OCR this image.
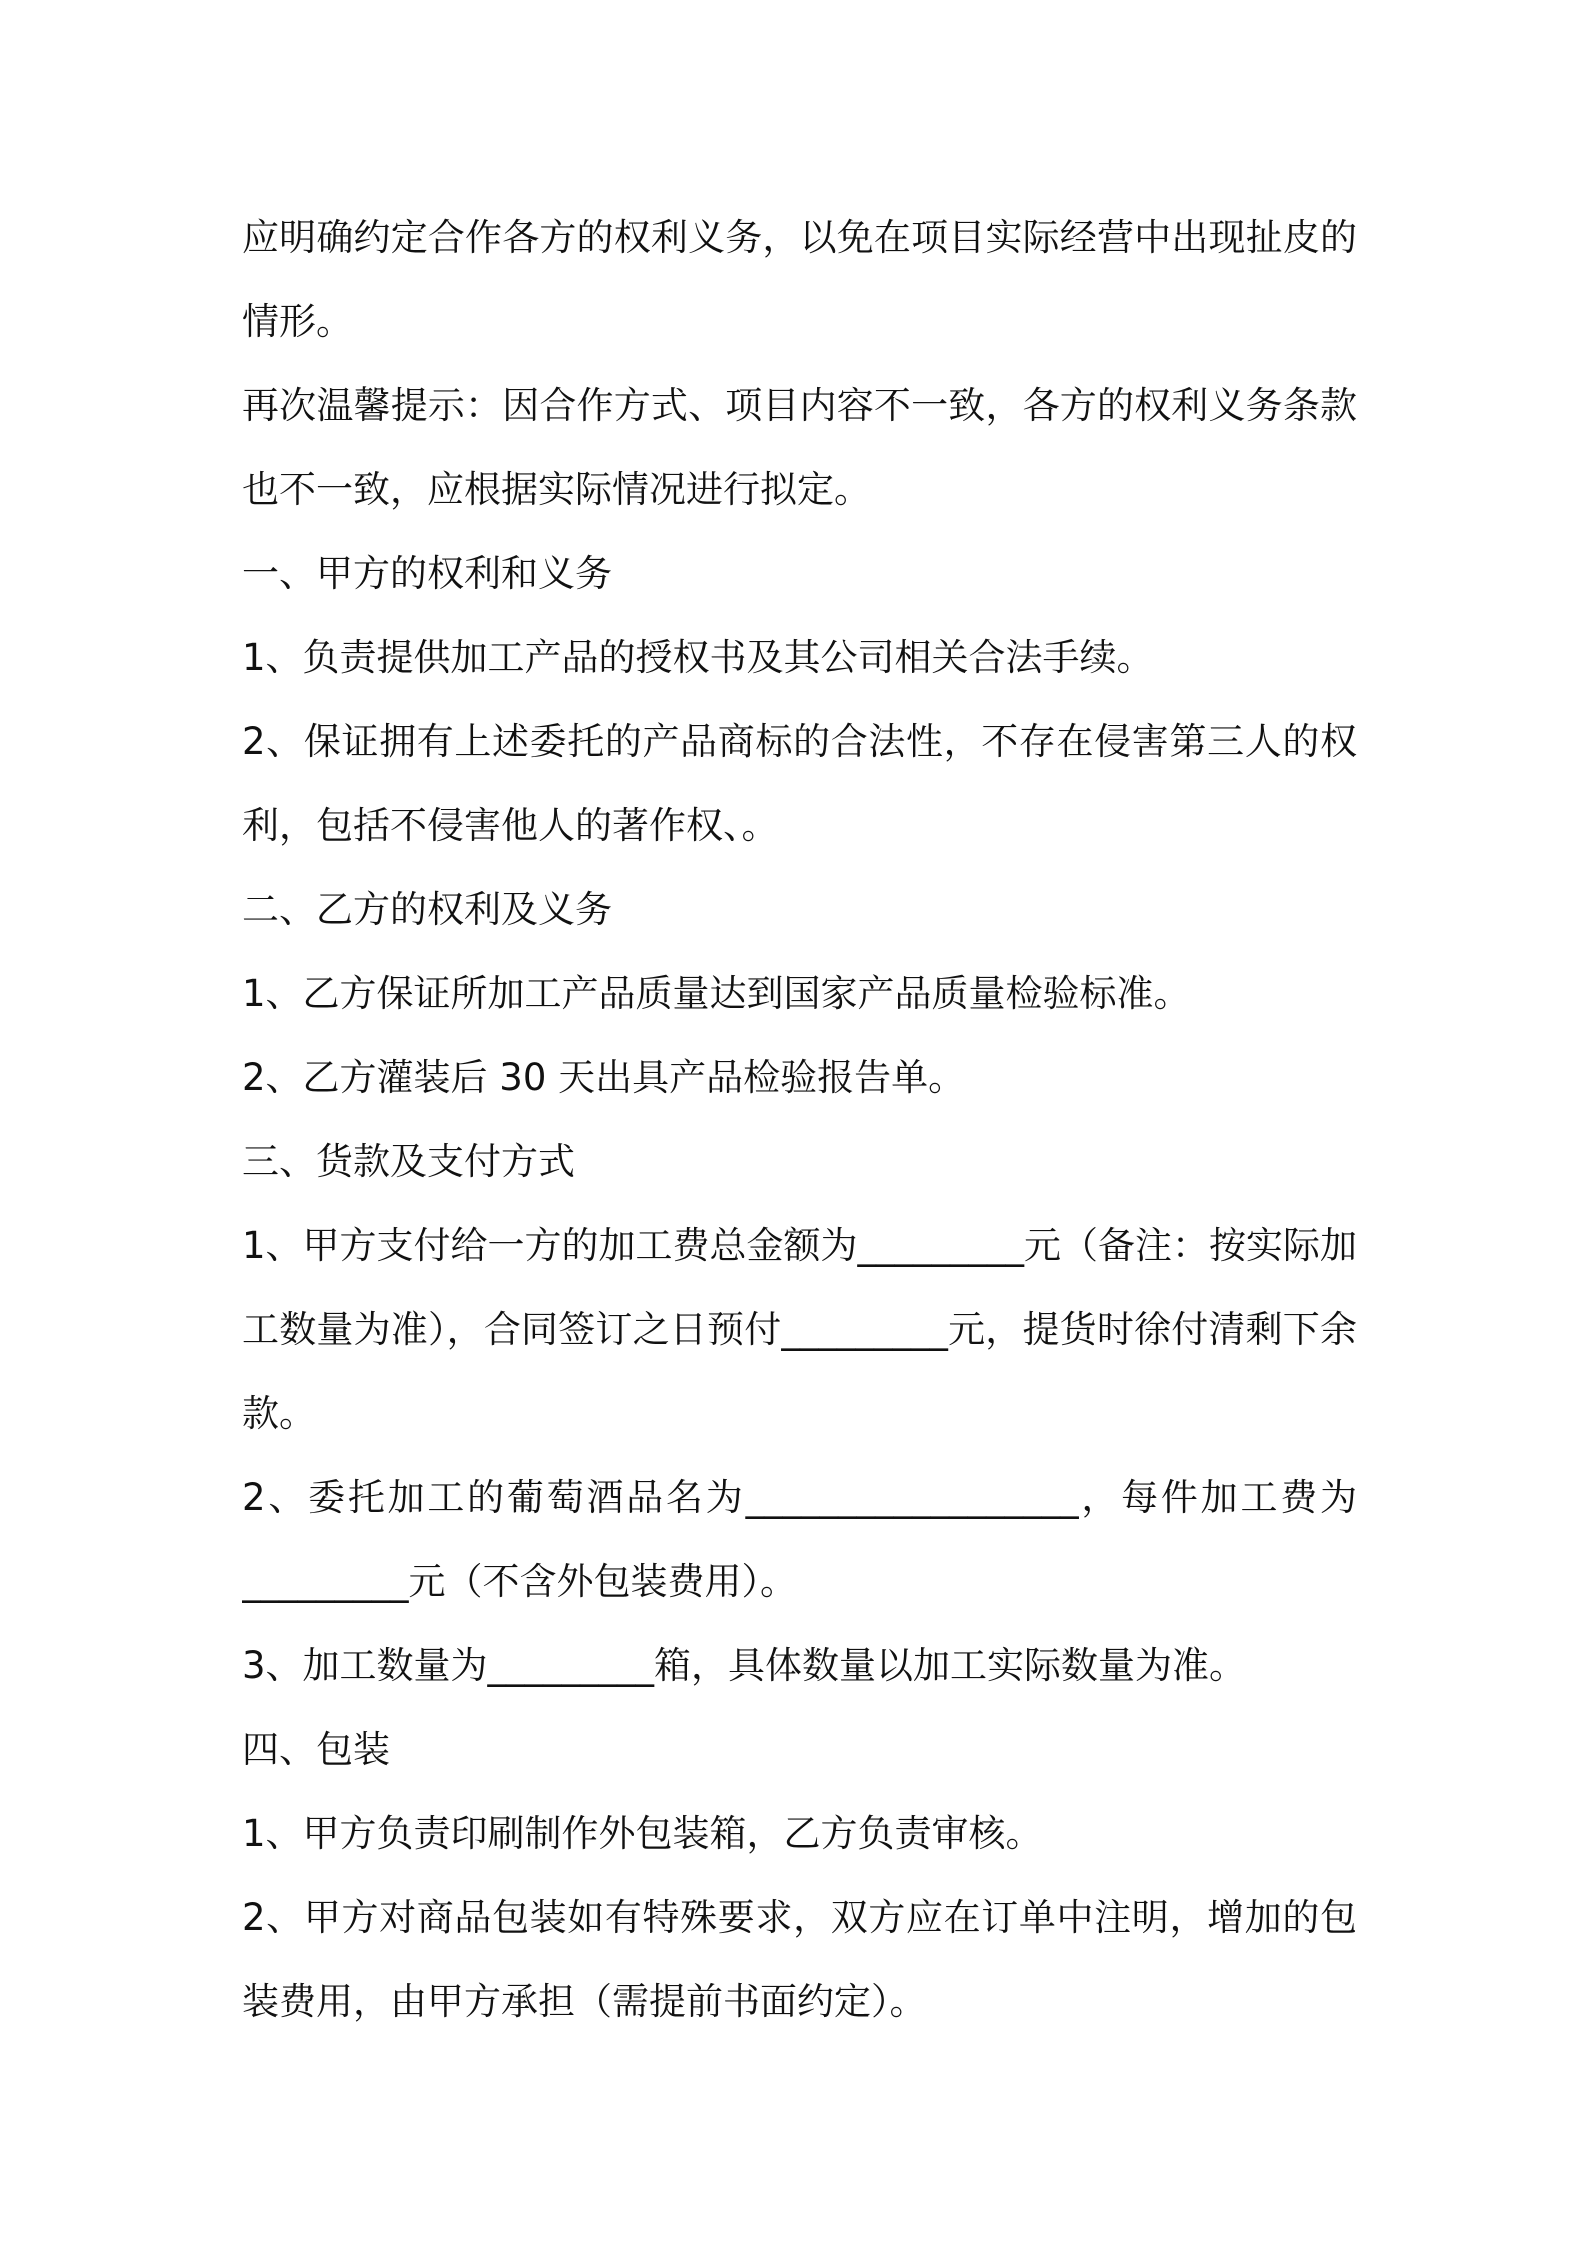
应明确约定合作各方的权利义务，以免在项目实际经营中出现扯皮的
情形。
再次温馨提示：因合作方式、项目内容不一致，各方的权利义务条款
也不一致，应根据实际情况进行拟定。
一、甲方的权利和义务
1、负责提供加工产品的授权书及其公司相关合法手续。
2、保证拥有上述委托的产品商标的合法性，不存在侵害第三人的权
利，包括不侵害他人的著作权、。
二、乙方的权利及义务
1、乙方保证所加工产品质量达到国家产品质量检验标准。
2、乙方灌装后 30 天出具产品检验报告单。
三、货款及支付方式
1、甲方支付给一方的加工费总金额为_________元（备注：按实际加
工数量为准），合同签订之日预付_________元，提货时徐付清剩下余
款。
2、委托加工的葡萄酒品名为__________________，每件加工费为
_________元（不含外包装费用）。
3、加工数量为_________箱，具体数量以加工实际数量为准。
四、包装
1、甲方负责印刷制作外包装箱，乙方负责审核。
2、甲方对商品包装如有特殊要求，双方应在订单中注明，增加的包
装费用，由甲方承担（需提前书面约定）。
